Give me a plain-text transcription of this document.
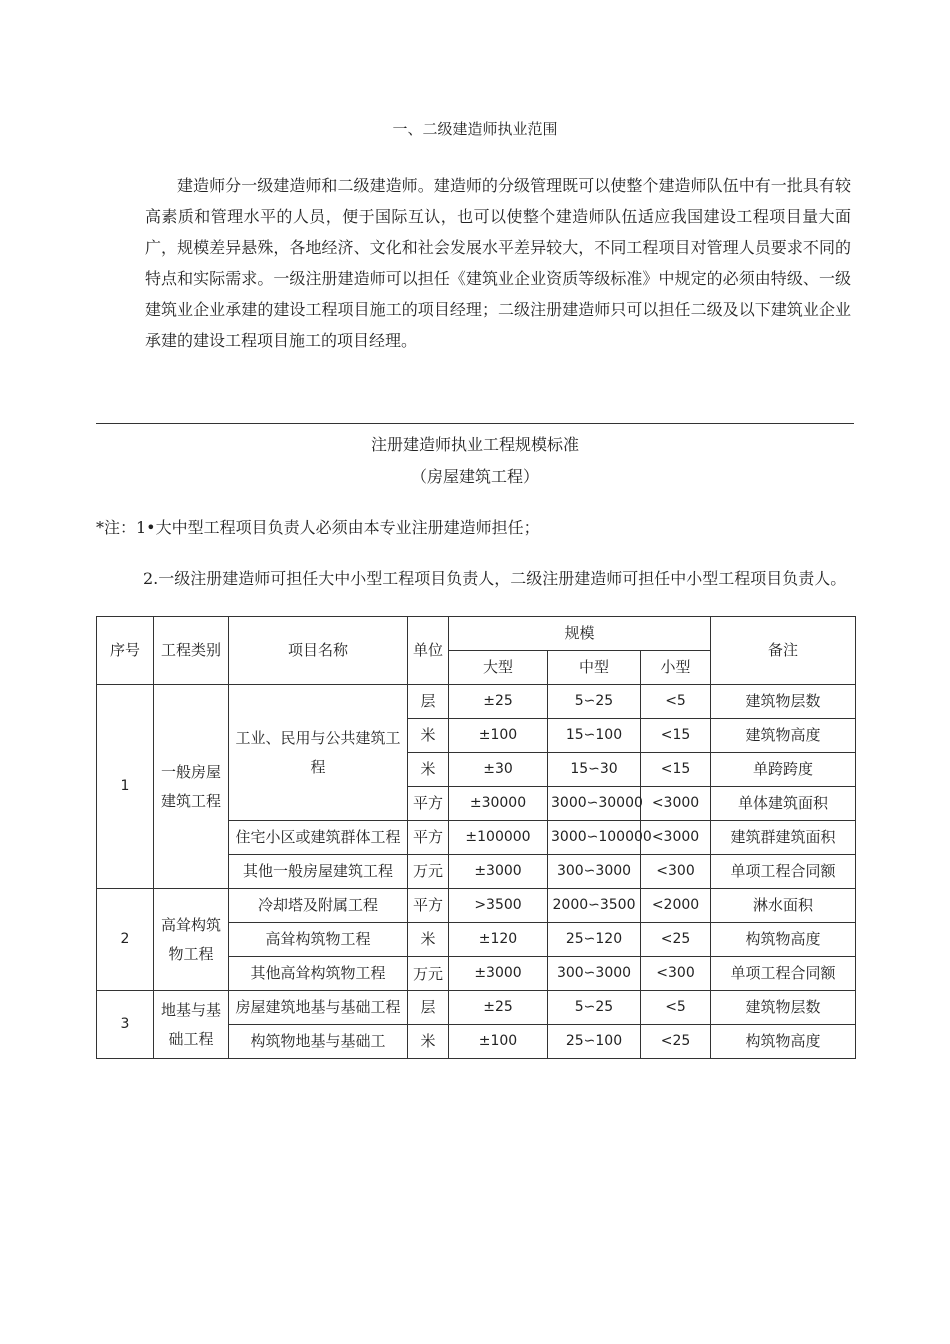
一、二级建造师执业范围
建造师分一级建造师和二级建造师。建造师的分级管理既可以使整个建造师队伍中有一批具有较高素质和管理水平的人员，便于国际互认，也可以使整个建造师队伍适应我国建设工程项目量大面广，规模差异悬殊，各地经济、文化和社会发展水平差异较大，不同工程项目对管理人员要求不同的特点和实际需求。一级注册建造师可以担任《建筑业企业资质等级标准》中规定的必须由特级、一级建筑业企业承建的建设工程项目施工的项目经理；二级注册建造师只可以担任二级及以下建筑业企业承建的建设工程项目施工的项目经理。
注册建造师执业工程规模标准
（房屋建筑工程）
*注：1•大中型工程项目负责人必须由本专业注册建造师担任；
2.一级注册建造师可担任大中小型工程项目负责人，二级注册建造师可担任中小型工程项目负责人。
序号	工程类别	项目名称	单位	规模			备注
				大型	中型	小型	
1	一般房屋建筑工程	工业、民用与公共建筑工程	层	±25	5∽25	<5	建筑物层数
			米	±100	15∽100	<15	建筑物高度
			米	±30	15∽30	<15	单跨跨度
			平方	±30000	3000∽30000	<3000	单体建筑面积
		住宅小区或建筑群体工程	平方	±100000	3000∽100000	<3000	建筑群建筑面积
		其他一般房屋建筑工程	万元	±3000	300∽3000	<300	单项工程合同额
2	高耸构筑物工程	冷却塔及附属工程	平方	>3500	2000∽3500	<2000	淋水面积
		高耸构筑物工程	米	±120	25∽120	<25	构筑物高度
		其他高耸构筑物工程	万元	±3000	300∽3000	<300	单项工程合同额
3	地基与基础工程	房屋建筑地基与基础工程	层	±25	5∽25	<5	建筑物层数
		构筑物地基与基础工	米	±100	25∽100	<25	构筑物高度
